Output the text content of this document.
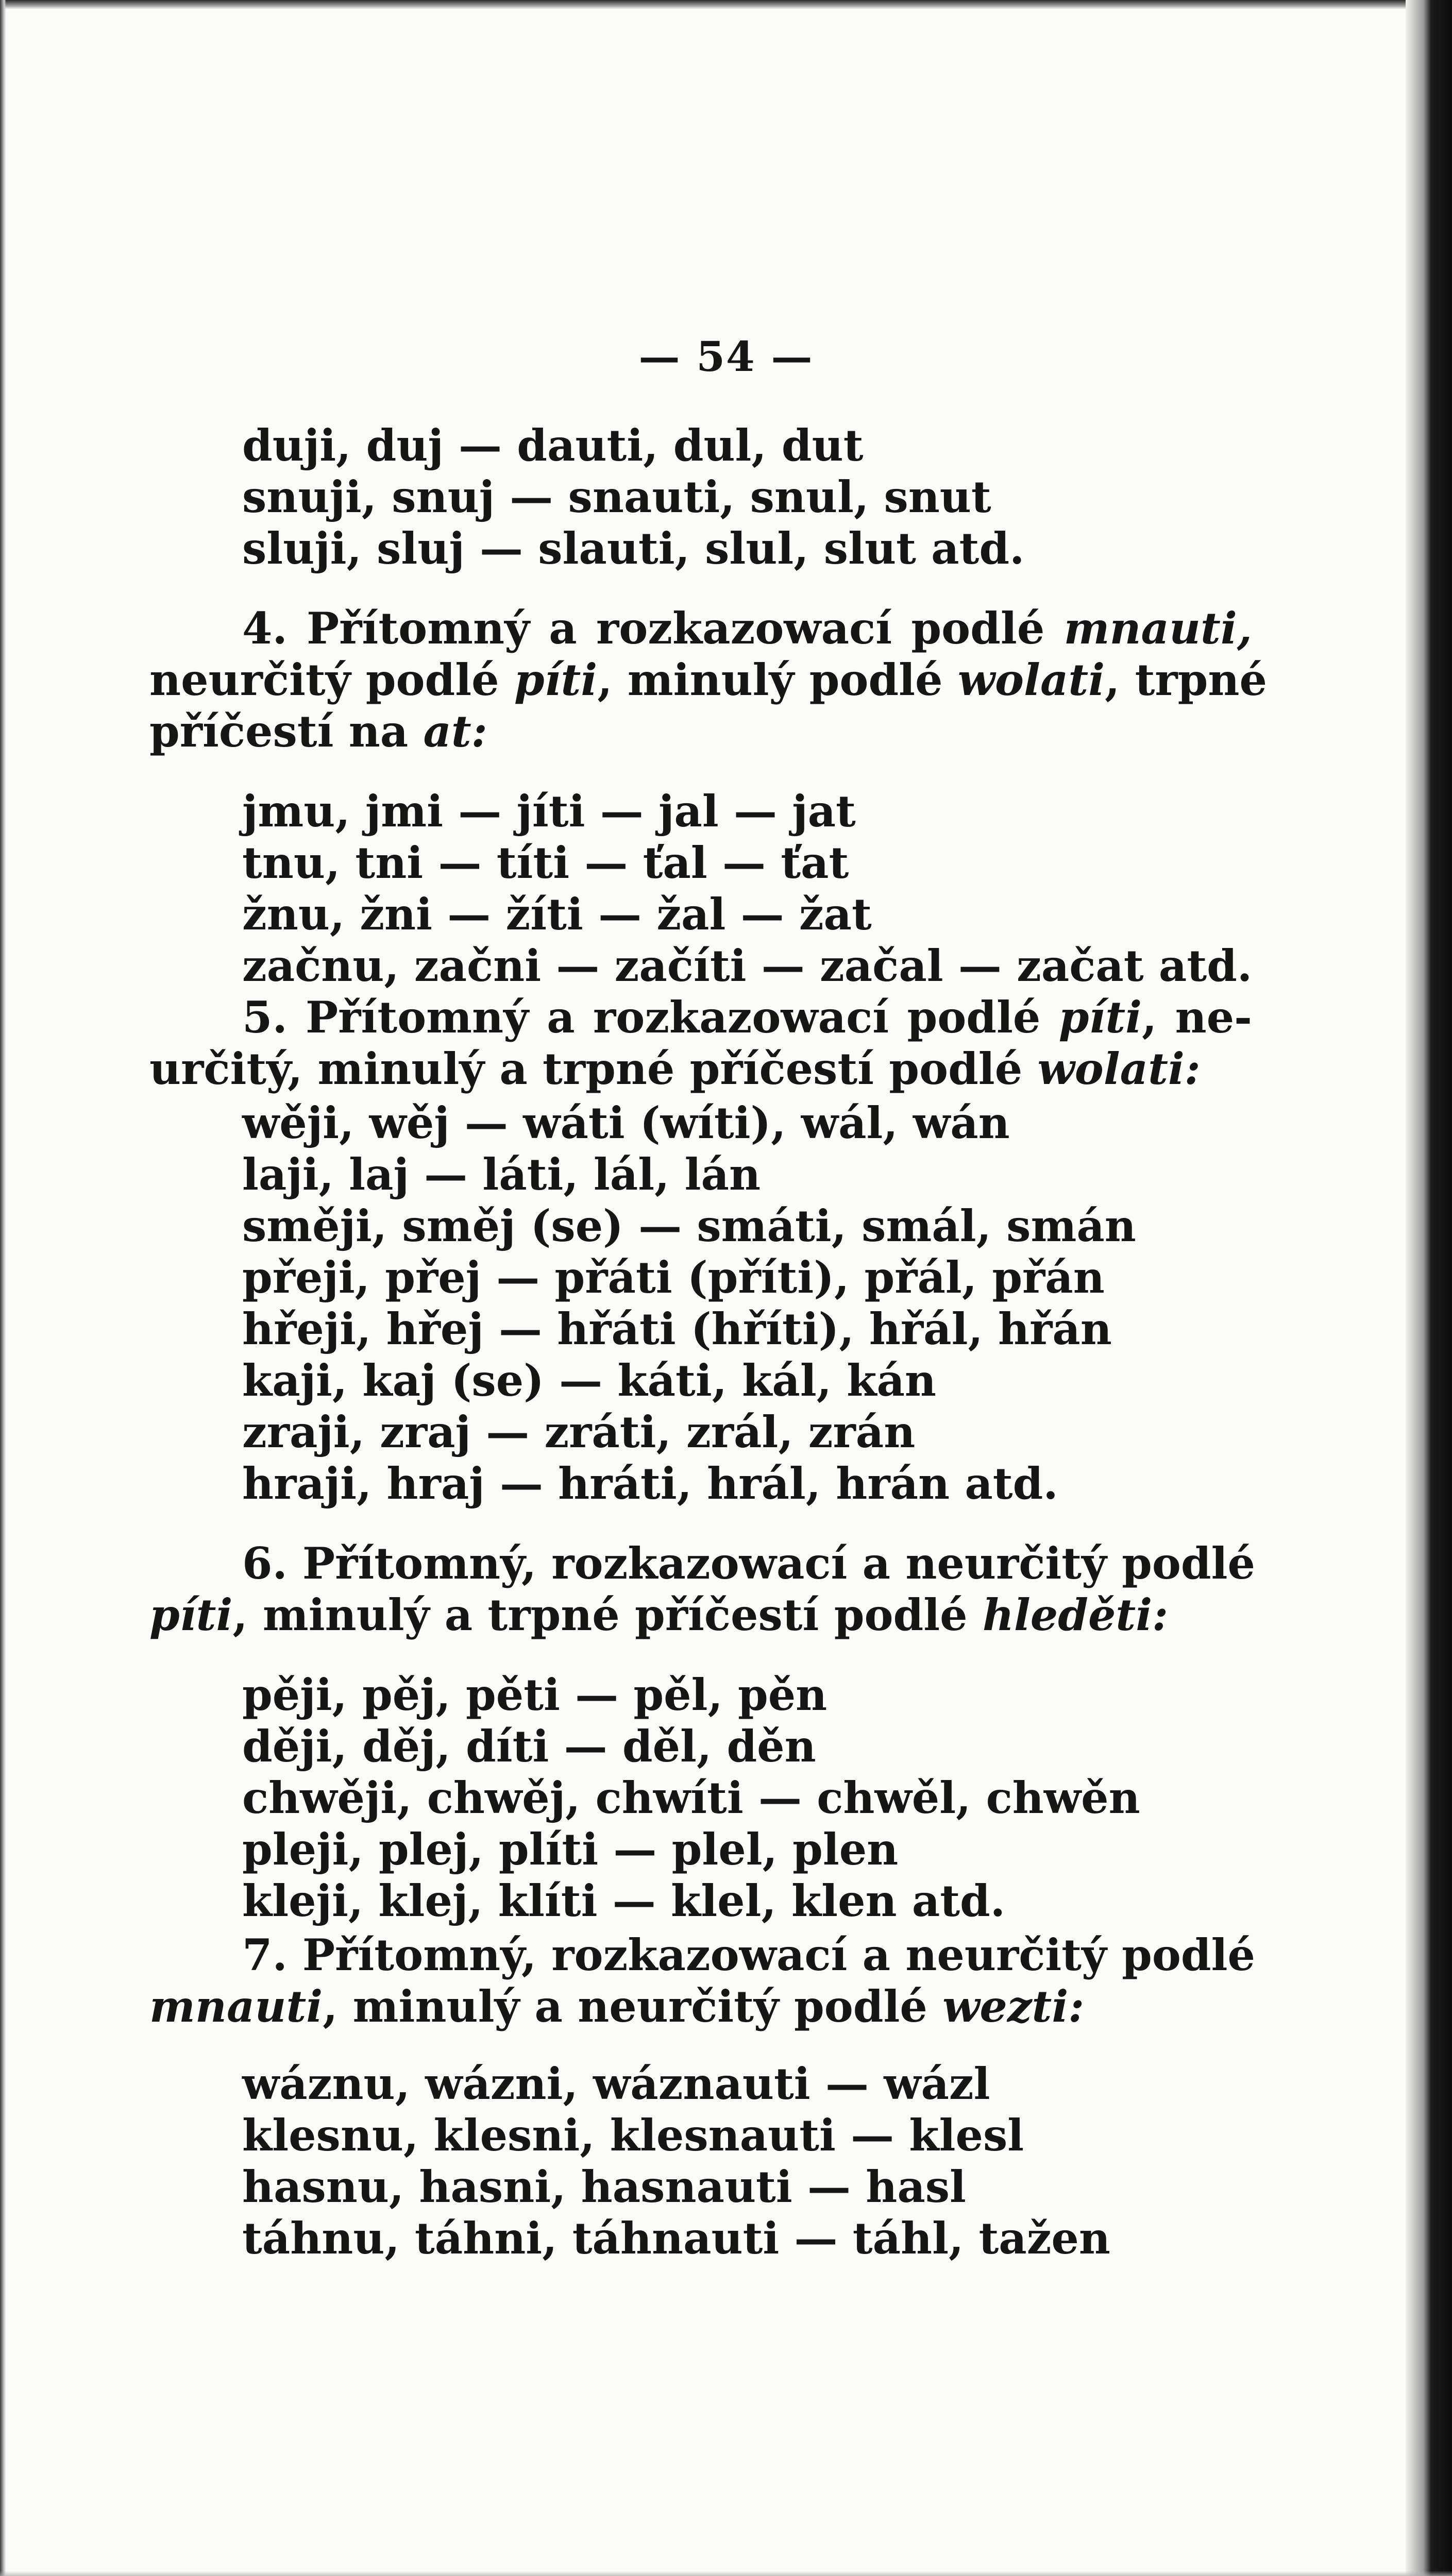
— 54 —
duji, duj — dauti, dul, dut
snuji, snuj — snauti, snul, snut
sluji, sluj — slauti, slul, slut atd.
4. Přítomný a rozkazowací podlé mnauti,
neurčitý podlé píti, minulý podlé wolati, trpné
příčestí na at:
jmu, jmi — jíti — jal — jat
tnu, tni — títi — ťal — ťat
žnu, žni — žíti — žal — žat
začnu, začni — začíti — začal — začat atd.
5. Přítomný a rozkazowací podlé píti, ne-
určitý, minulý a trpné příčestí podlé wolati:
wěji, wěj — wáti (wíti), wál, wán
laji, laj — láti, lál, lán
směji, směj (se) — smáti, smál, smán
přeji, přej — přáti (příti), přál, přán
hřeji, hřej — hřáti (hříti), hřál, hřán
kaji, kaj (se) — káti, kál, kán
zraji, zraj — zráti, zrál, zrán
hraji, hraj — hráti, hrál, hrán atd.
6. Přítomný, rozkazowací a neurčitý podlé
píti, minulý a trpné příčestí podlé hleděti:
pěji, pěj, pěti — pěl, pěn
ději, děj, díti — děl, děn
chwěji, chwěj, chwíti — chwěl, chwěn
pleji, plej, plíti — plel, plen
kleji, klej, klíti — klel, klen atd.
7. Přítomný, rozkazowací a neurčitý podlé
mnauti, minulý a neurčitý podlé wezti:
wáznu, wázni, wáznauti — wázl
klesnu, klesni, klesnauti — klesl
hasnu, hasni, hasnauti — hasl
táhnu, táhni, táhnauti — táhl, tažen
